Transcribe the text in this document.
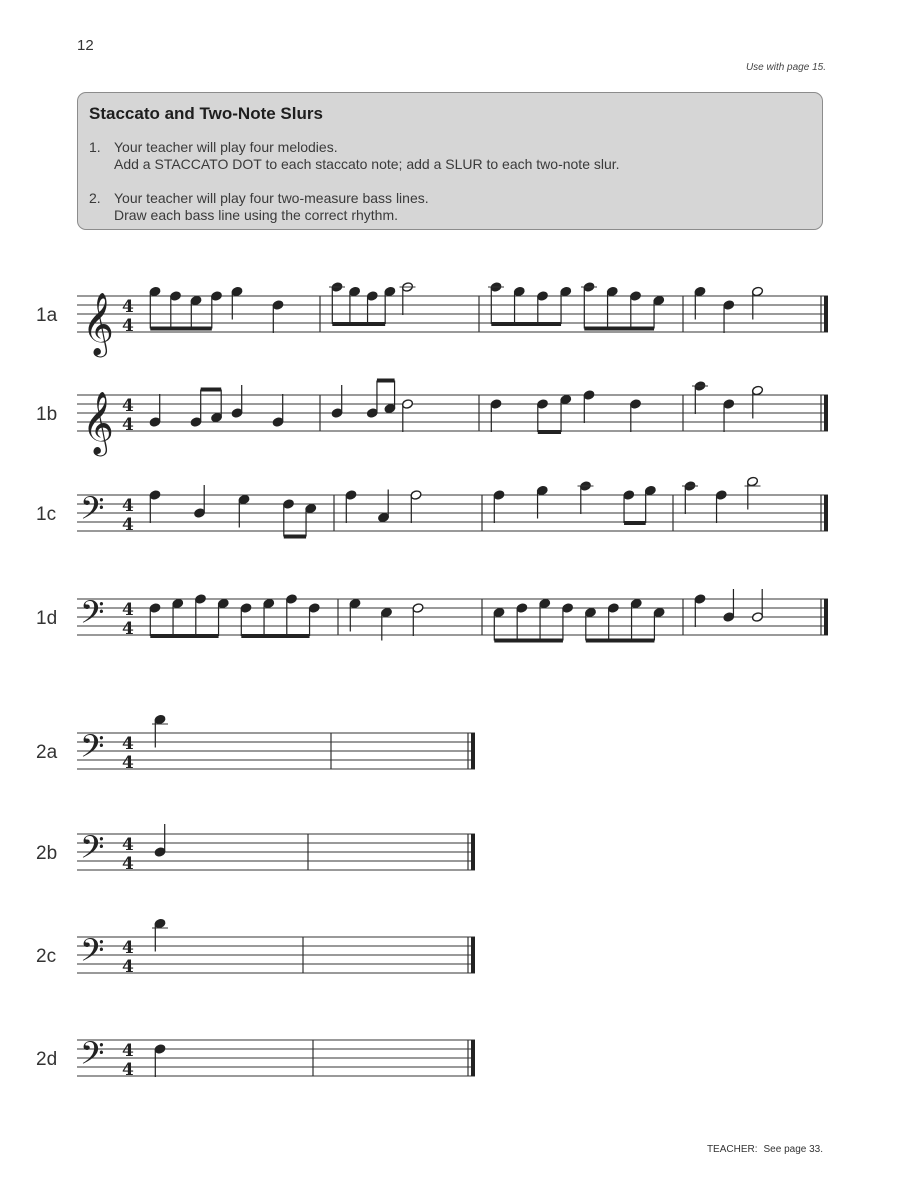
12
Use with page 15.
Staccato and Two-Note Slurs
1. Your teacher will play four melodies.
Add a STACCATO DOT to each staccato note; add a SLUR to each two-note slur.
2. Your teacher will play four two-measure bass lines.
Draw each bass line using the correct rhythm.
1a 𝄞 4
4
1b 𝄞 4
4
1c 𝄢 4
4
1d 𝄢 4
4
2a 𝄢 4
4
2b 𝄢 4
4
2c 𝄢 4
4
2d 𝄢 4
4
TEACHER: See page 33.
